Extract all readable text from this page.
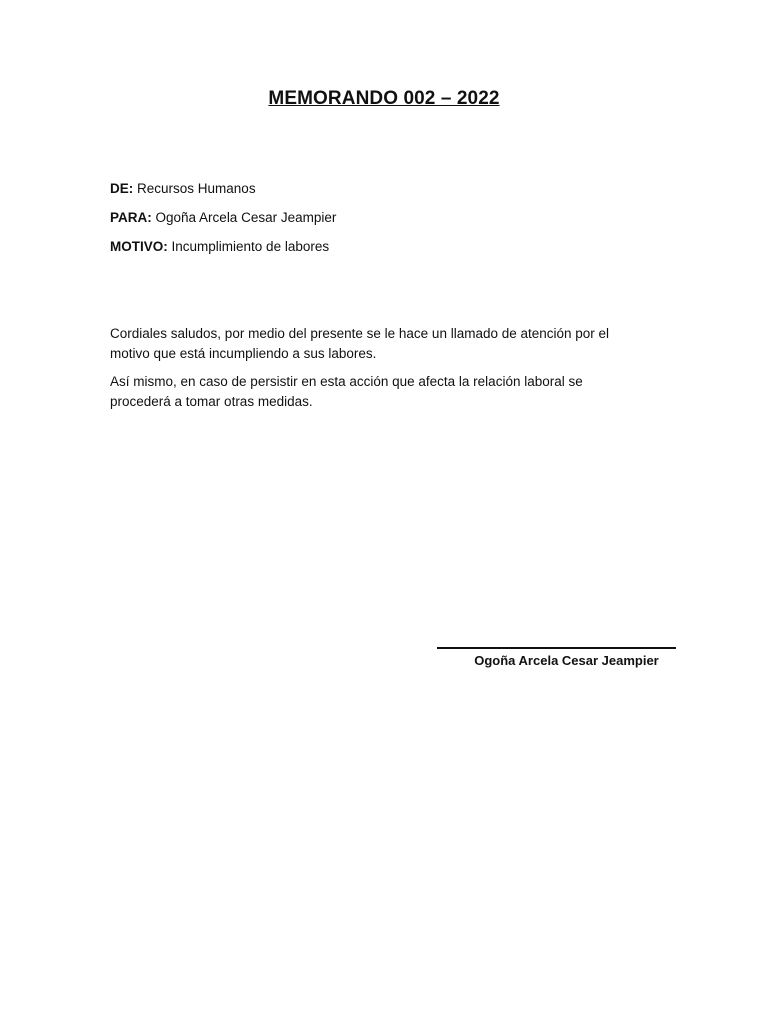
MEMORANDO 002 – 2022
DE: Recursos Humanos
PARA: Ogoña Arcela Cesar Jeampier
MOTIVO: Incumplimiento de labores

Cordiales saludos, por medio del presente se le hace un llamado de atención por el
motivo que está incumpliendo a sus labores.

Así mismo, en caso de persistir en esta acción que afecta la relación laboral se
procederá a tomar otras medidas.

Ogoña Arcela Cesar Jeampier
